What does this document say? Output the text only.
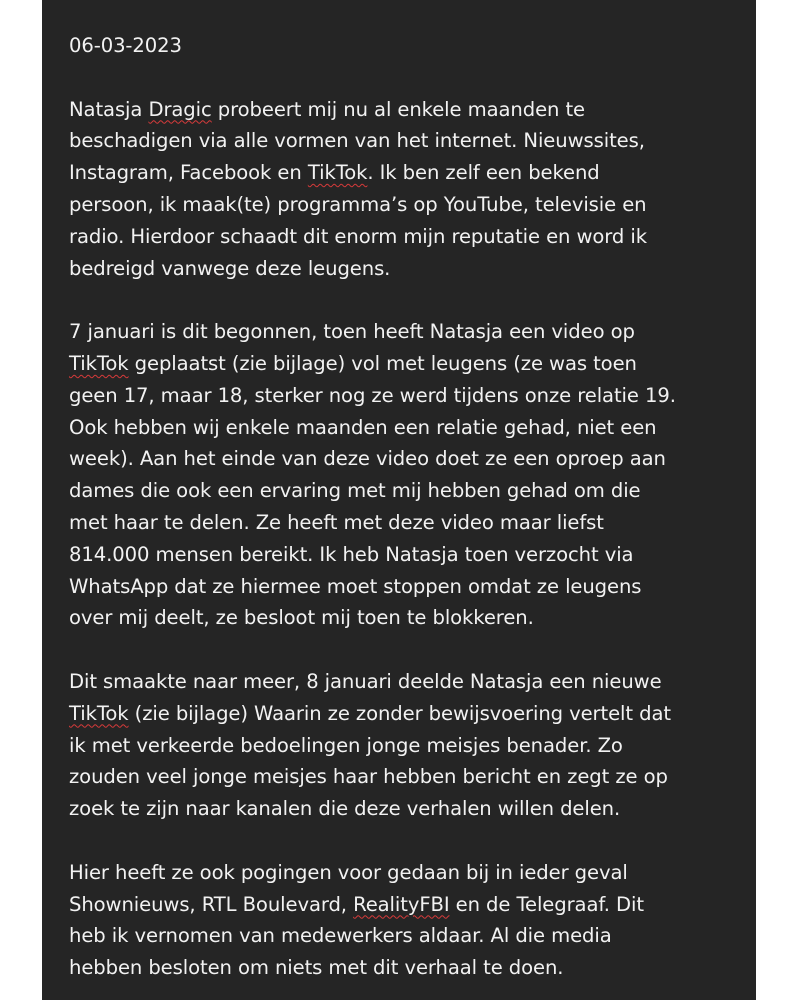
06-03-2023
Natasja Dragic probeert mij nu al enkele maanden te
beschadigen via alle vormen van het internet. Nieuwssites,
Instagram, Facebook en TikTok. Ik ben zelf een bekend
persoon, ik maak(te) programma’s op YouTube, televisie en
radio. Hierdoor schaadt dit enorm mijn reputatie en word ik
bedreigd vanwege deze leugens.
7 januari is dit begonnen, toen heeft Natasja een video op
TikTok geplaatst (zie bijlage) vol met leugens (ze was toen
geen 17, maar 18, sterker nog ze werd tijdens onze relatie 19.
Ook hebben wij enkele maanden een relatie gehad, niet een
week). Aan het einde van deze video doet ze een oproep aan
dames die ook een ervaring met mij hebben gehad om die
met haar te delen. Ze heeft met deze video maar liefst
814.000 mensen bereikt. Ik heb Natasja toen verzocht via
WhatsApp dat ze hiermee moet stoppen omdat ze leugens
over mij deelt, ze besloot mij toen te blokkeren.
Dit smaakte naar meer, 8 januari deelde Natasja een nieuwe
TikTok (zie bijlage) Waarin ze zonder bewijsvoering vertelt dat
ik met verkeerde bedoelingen jonge meisjes benader. Zo
zouden veel jonge meisjes haar hebben bericht en zegt ze op
zoek te zijn naar kanalen die deze verhalen willen delen.
Hier heeft ze ook pogingen voor gedaan bij in ieder geval
Shownieuws, RTL Boulevard, RealityFBI en de Telegraaf. Dit
heb ik vernomen van medewerkers aldaar. Al die media
hebben besloten om niets met dit verhaal te doen.
